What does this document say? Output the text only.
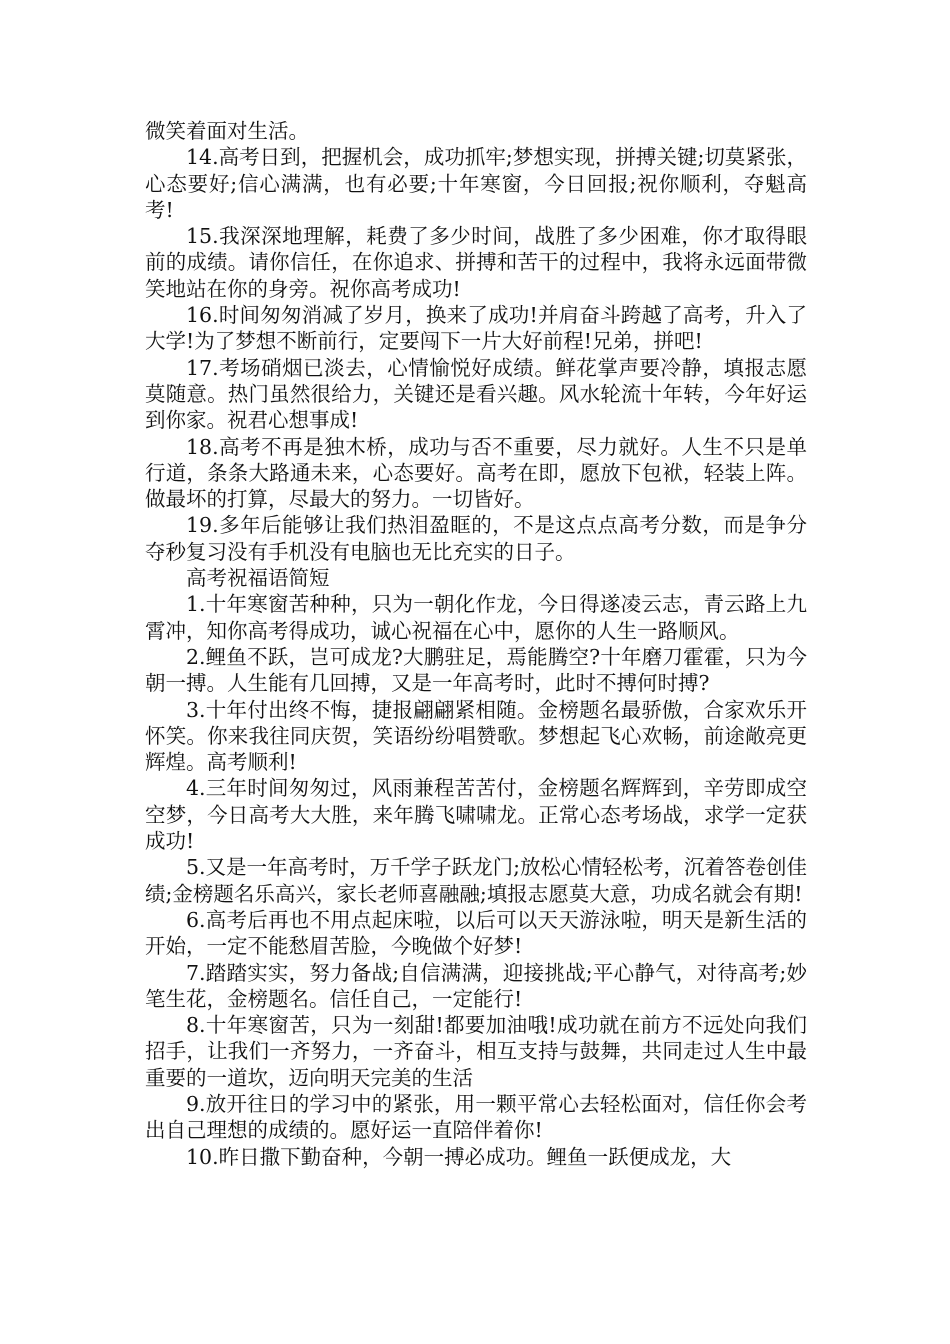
微笑着面对生活。

14.高考日到，把握机会，成功抓牢;梦想实现，拼搏关键;切莫紧张，心态要好;信心满满，也有必要;十年寒窗，今日回报;祝你顺利，夺魁高考!

15.我深深地理解，耗费了多少时间，战胜了多少困难，你才取得眼前的成绩。请你信任，在你追求、拼搏和苦干的过程中，我将永远面带微笑地站在你的身旁。祝你高考成功!

16.时间匆匆消减了岁月，换来了成功!并肩奋斗跨越了高考，升入了大学!为了梦想不断前行，定要闯下一片大好前程!兄弟，拼吧!

17.考场硝烟已淡去，心情愉悦好成绩。鲜花掌声要冷静，填报志愿莫随意。热门虽然很给力，关键还是看兴趣。风水轮流十年转，今年好运到你家。祝君心想事成!

18.高考不再是独木桥，成功与否不重要，尽力就好。人生不只是单行道，条条大路通未来，心态要好。高考在即，愿放下包袱，轻装上阵。做最坏的打算，尽最大的努力。一切皆好。

19.多年后能够让我们热泪盈眶的，不是这点点高考分数，而是争分夺秒复习没有手机没有电脑也无比充实的日子。

高考祝福语简短

1.十年寒窗苦种种，只为一朝化作龙，今日得遂凌云志，青云路上九霄冲，知你高考得成功，诚心祝福在心中，愿你的人生一路顺风。

2.鲤鱼不跃，岂可成龙?大鹏驻足，焉能腾空?十年磨刀霍霍，只为今朝一搏。人生能有几回搏，又是一年高考时，此时不搏何时搏?

3.十年付出终不悔，捷报翩翩紧相随。金榜题名最骄傲，合家欢乐开怀笑。你来我往同庆贺，笑语纷纷唱赞歌。梦想起飞心欢畅，前途敞亮更辉煌。高考顺利!

4.三年时间匆匆过，风雨兼程苦苦付，金榜题名辉辉到，辛劳即成空空梦，今日高考大大胜，来年腾飞啸啸龙。正常心态考场战，求学一定获成功!

5.又是一年高考时，万千学子跃龙门;放松心情轻松考，沉着答卷创佳绩;金榜题名乐高兴，家长老师喜融融;填报志愿莫大意，功成名就会有期!

6.高考后再也不用点起床啦，以后可以天天游泳啦，明天是新生活的开始，一定不能愁眉苦脸，今晚做个好梦!

7.踏踏实实，努力备战;自信满满，迎接挑战;平心静气，对待高考;妙笔生花，金榜题名。信任自己，一定能行!

8.十年寒窗苦，只为一刻甜!都要加油哦!成功就在前方不远处向我们招手，让我们一齐努力，一齐奋斗，相互支持与鼓舞，共同走过人生中最重要的一道坎，迈向明天完美的生活

9.放开往日的学习中的紧张，用一颗平常心去轻松面对，信任你会考出自己理想的成绩的。愿好运一直陪伴着你!

10.昨日撒下勤奋种，今朝一搏必成功。鲤鱼一跃便成龙，大
